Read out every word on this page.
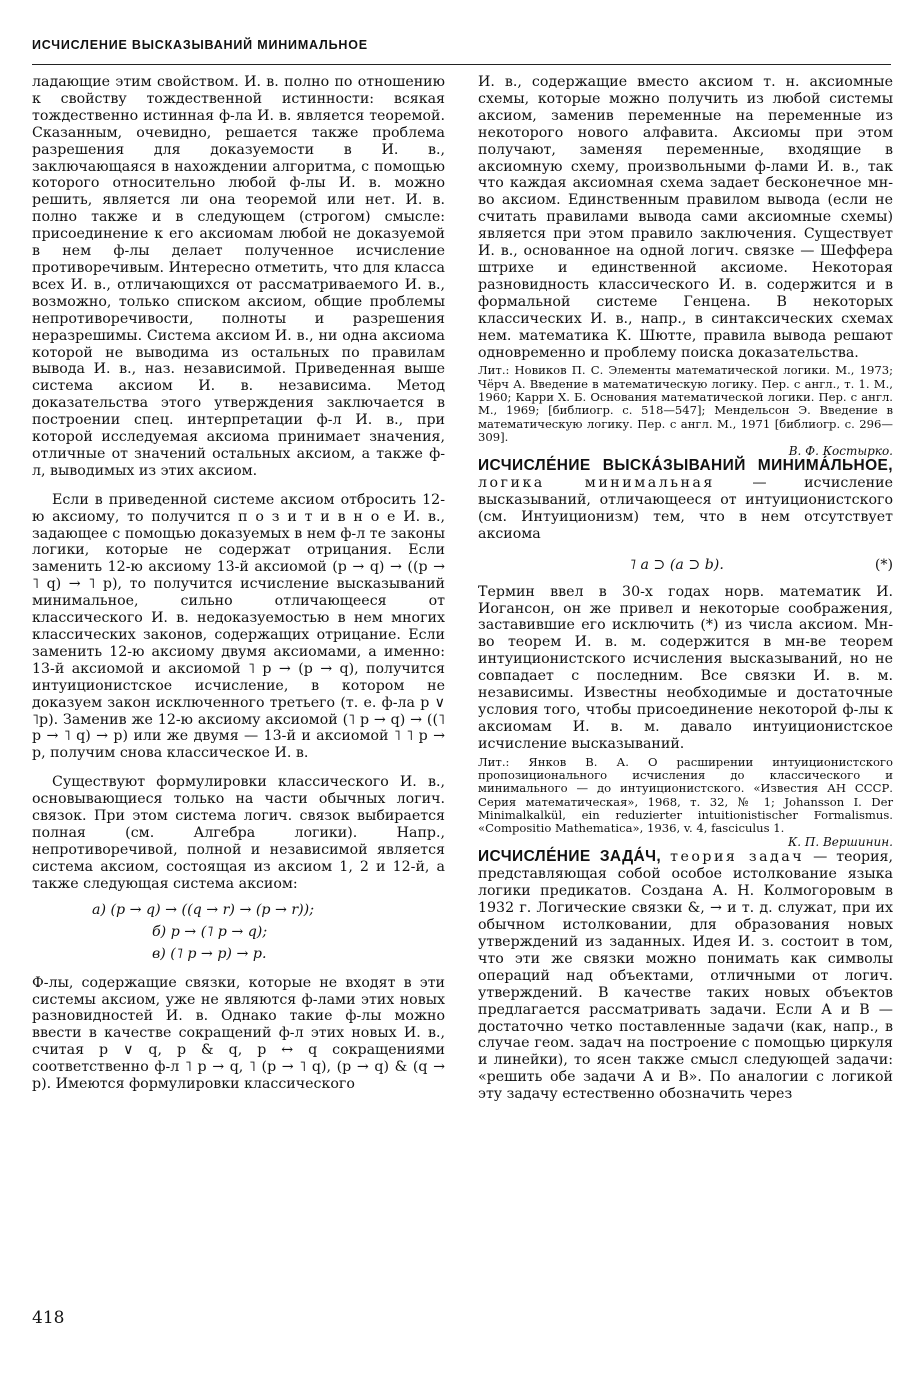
ИСЧИСЛЕНИЕ ВЫСКАЗЫВАНИЙ МИНИМАЛЬНОЕ

ладающие этим свойством. И. в. полно по отношению к свойству тождественной истинности: всякая тождественно истинная ф-ла И. в. является теоремой. Сказанным, очевидно, решается также проблема разрешения для доказуемости в И. в., заключающаяся в нахождении алгоритма, с помощью которого относительно любой ф-лы И. в. можно решить, является ли она теоремой или нет. И. в. полно также и в следующем (строгом) смысле: присоединение к его аксиомам любой не доказуемой в нем ф-лы делает полученное исчисление противоречивым. Интересно отметить, что для класса всех И. в., отличающихся от рассматриваемого И. в., возможно, только списком аксиом, общие проблемы непротиворечивости, полноты и разрешения неразрешимы. Система аксиом И. в., ни одна аксиома которой не выводима из остальных по правилам вывода И. в., наз. независимой. Приведенная выше система аксиом И. в. независима. Метод доказательства этого утверждения заключается в построении спец. интерпретации ф-л И. в., при которой исследуемая аксиома принимает значения, отличные от значений остальных аксиом, а также ф-л, выводимых из этих аксиом.

Если в приведенной системе аксиом отбросить 12-ю аксиому, то получится п о з и т и в н о е И. в., задающее с помощью доказуемых в нем ф-л те законы логики, которые не содержат отрицания. Если заменить 12-ю аксиому 13-й аксиомой (p → q) → ((p → ˥ q) → ˥ p), то получится исчисление высказываний минимальное, сильно отличающееся от классического И. в. недоказуемостью в нем многих классических законов, содержащих отрицание. Если заменить 12-ю аксиому двумя аксиомами, а именно: 13-й аксиомой и аксиомой ˥ p → (p → q), получится интуиционистское исчисление, в котором не доказуем закон исключенного третьего (т. е. ф-ла p ∨ ˥p). Заменив же 12-ю аксиому аксиомой (˥ p → q) → ((˥ p → ˥ q) → p) или же двумя — 13-й и аксиомой ˥ ˥ p → p, получим снова классическое И. в.

Существуют формулировки классического И. в., основывающиеся только на части обычных логич. связок. При этом система логич. связок выбирается полная (см. Алгебра логики). Напр., непротиворечивой, полной и независимой является система аксиом, состоящая из аксиом 1, 2 и 12-й, а также следующая система аксиом:

а) (p → q) → ((q → r) → (p → r));
б) p → (˥ p → q);
в) (˥ p → p) → p.

Ф-лы, содержащие связки, которые не входят в эти системы аксиом, уже не являются ф-лами этих новых разновидностей И. в. Однако такие ф-лы можно ввести в качестве сокращений ф-л этих новых И. в., считая p ∨ q, p & q, p ↔ q сокращениями соответственно ф-л ˥ p → q, ˥ (p → ˥ q), (p → q) & (q → p). Имеются формулировки классического

И. в., содержащие вместо аксиом т. н. аксиомные схемы, которые можно получить из любой системы аксиом, заменив переменные на переменные из некоторого нового алфавита. Аксиомы при этом получают, заменяя переменные, входящие в аксиомную схему, произвольными ф-лами И. в., так что каждая аксиомная схема задает бесконечное мн-во аксиом. Единственным правилом вывода (если не считать правилами вывода сами аксиомные схемы) является при этом правило заключения. Существует И. в., основанное на одной логич. связке — Шеффера штрихе и единственной аксиоме. Некоторая разновидность классического И. в. содержится и в формальной системе Генцена. В некоторых классических И. в., напр., в синтаксических схемах нем. математика К. Шютте, правила вывода решают одновременно и проблему поиска доказательства.

Лит.: Новиков П. С. Элементы математической логики. М., 1973; Чёрч А. Введение в математическую логику. Пер. с англ., т. 1. М., 1960; Карри Х. Б. Основания математической логики. Пер. с англ. М., 1969; [библиогр. с. 518—547]; Мендельсон Э. Введение в математическую логику. Пер. с англ. М., 1971 [библиогр. с. 296—309].

В. Ф. Костырко.

ИСЧИСЛЕ́НИЕ ВЫСКА́ЗЫВАНИЙ МИНИМА́ЛЬНОЕ, логика минимальная	— исчисление высказываний, отличающееся от интуиционистского (см. Интуиционизм) тем, что в нем отсутствует аксиома

˥ a ⊃ (a ⊃ b).	(*)

Термин ввел в 30-х годах норв. математик И. Иогансон, он же привел и некоторые соображения, заставившие его исключить (*) из числа аксиом. Мн-во теорем И. в. м. содержится в мн-ве теорем интуиционистского исчисления высказываний, но не совпадает с последним. Все связки И. в. м. независимы. Известны необходимые и достаточные условия того, чтобы присоединение некоторой ф-лы к аксиомам И. в. м. давало интуиционистское исчисление высказываний.

Лит.: Янков В. А. О расширении интуиционистского пропозиционального исчисления до классического и минимального — до интуиционистского. «Известия АН СССР. Серия математическая», 1968, т. 32, № 1; Johansson I. Der Minimalkalkül, ein reduzierter intuitionistischer Formalismus. «Compositio Mathematica», 1936, v. 4, fasciculus 1.

К. П. Вершинин.

ИСЧИСЛЕ́НИЕ ЗАДА́Ч, теория задач — теория, представляющая собой особое истолкование языка логики предикатов. Создана А. Н. Колмогоровым в 1932 г. Логические связки &, → и т. д. служат, при их обычном истолковании, для образования новых утверждений из заданных. Идея И. з. состоит в том, что эти же связки можно понимать как символы операций над объектами, отличными от логич. утверждений. В качестве таких новых объектов предлагается рассматривать задачи. Если A и B — достаточно четко поставленные задачи (как, напр., в случае геом. задач на построение с помощью циркуля и линейки), то ясен также смысл следующей задачи: «решить обе задачи A и B». По аналогии с логикой эту задачу естественно обозначить через

418
